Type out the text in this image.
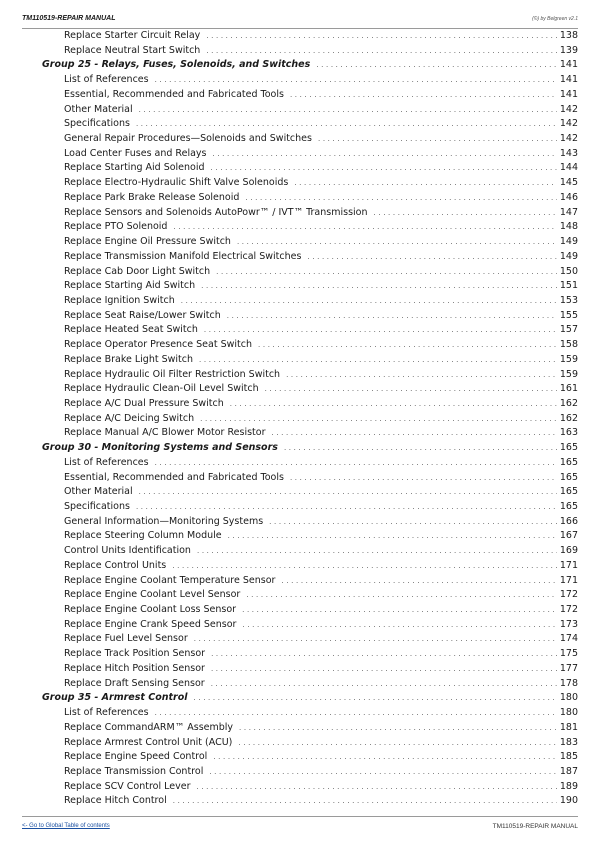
TM110519-REPAIR MANUAL	(©) by Belgreen v2.1
Replace Starter Circuit Relay . . .	138
Replace Neutral Start Switch . . .	139
Group 25 - Relays, Fuses, Solenoids, and Switches . . .	141
List of References . . .	141
Essential, Recommended and Fabricated Tools . . .	141
Other Material . . .	142
Specifications . . .	142
General Repair Procedures—Solenoids and Switches . . .	142
Load Center Fuses and Relays . . .	143
Replace Starting Aid Solenoid . . .	144
Replace Electro-Hydraulic Shift Valve Solenoids . . .	145
Replace Park Brake Release Solenoid . . .	146
Replace Sensors and Solenoids AutoPowr™ / IVT™ Transmission . . .	147
Replace PTO Solenoid . . .	148
Replace Engine Oil Pressure Switch . . .	149
Replace Transmission Manifold Electrical Switches . . .	149
Replace Cab Door Light Switch . . .	150
Replace Starting Aid Switch . . .	151
Replace Ignition Switch . . .	153
Replace Seat Raise/Lower Switch . . .	155
Replace Heated Seat Switch . . .	157
Replace Operator Presence Seat Switch . . .	158
Replace Brake Light Switch . . .	159
Replace Hydraulic Oil Filter Restriction Switch . . .	159
Replace Hydraulic Clean-Oil Level Switch . . .	161
Replace A/C Dual Pressure Switch . . .	162
Replace A/C Deicing Switch . . .	162
Replace Manual A/C Blower Motor Resistor . . .	163
Group 30 - Monitoring Systems and Sensors . . .	165
List of References . . .	165
Essential, Recommended and Fabricated Tools . . .	165
Other Material . . .	165
Specifications . . .	165
General Information—Monitoring Systems . . .	166
Replace Steering Column Module . . .	167
Control Units Identification . . .	169
Replace Control Units . . .	171
Replace Engine Coolant Temperature Sensor . . .	171
Replace Engine Coolant Level Sensor . . .	172
Replace Engine Coolant Loss Sensor . . .	172
Replace Engine Crank Speed Sensor . . .	173
Replace Fuel Level Sensor . . .	174
Replace Track Position Sensor . . .	175
Replace Hitch Position Sensor . . .	177
Replace Draft Sensing Sensor . . .	178
Group 35 - Armrest Control . . .	180
List of References . . .	180
Replace CommandARM™ Assembly . . .	181
Replace Armrest Control Unit (ACU) . . .	183
Replace Engine Speed Control . . .	185
Replace Transmission Control . . .	187
Replace SCV Control Lever . . .	189
Replace Hitch Control . . .	190
<- Go to Global Table of contents	TM110519-REPAIR MANUAL
